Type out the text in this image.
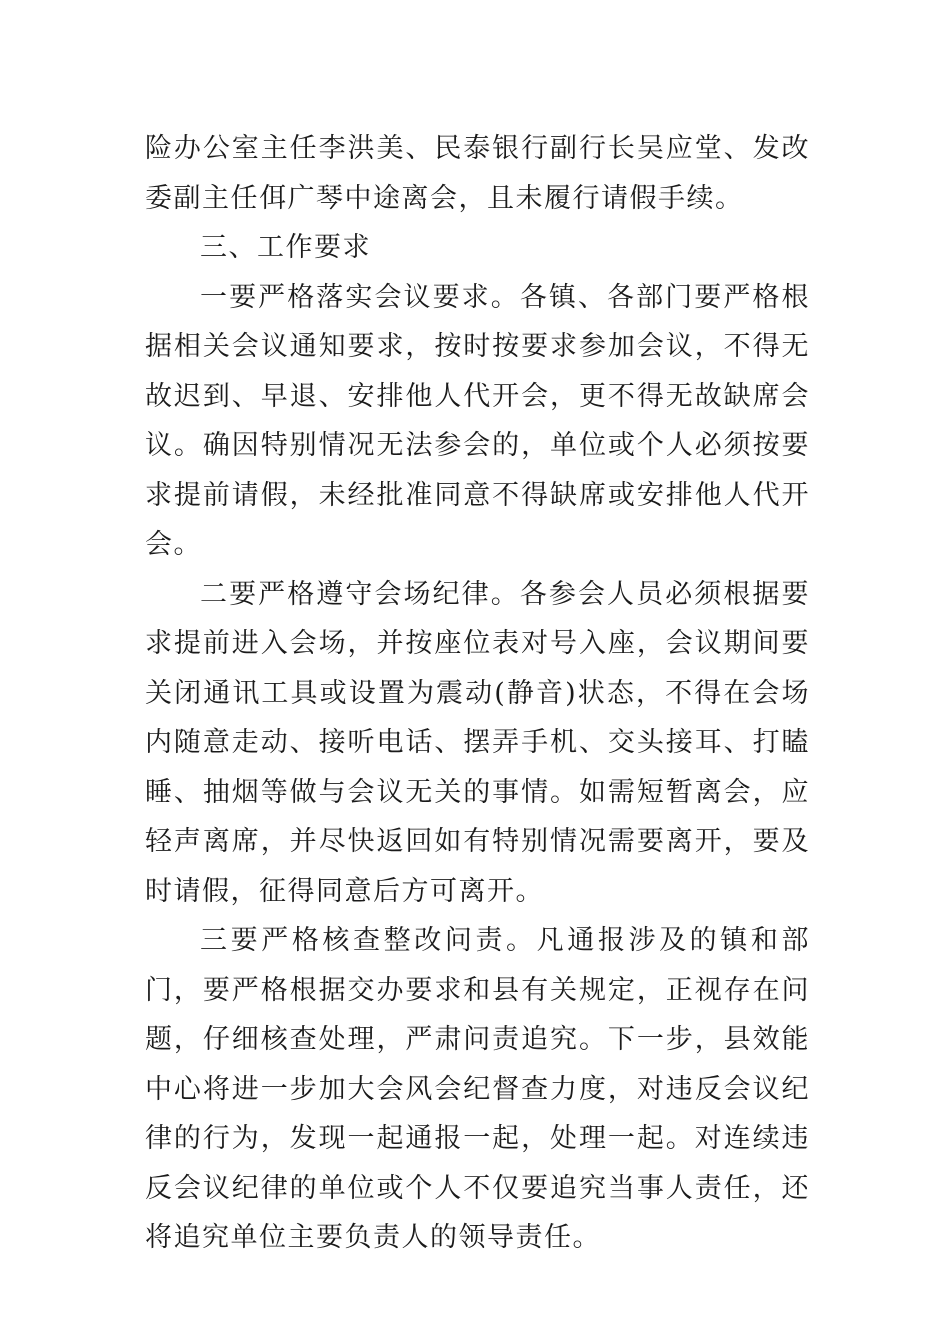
险办公室主任李洪美、民泰银行副行长吴应堂、发改委副主任佴广琴中途离会，且未履行请假手续。

三、工作要求

一要严格落实会议要求。各镇、各部门要严格根据相关会议通知要求，按时按要求参加会议，不得无故迟到、早退、安排他人代开会，更不得无故缺席会议。确因特别情况无法参会的，单位或个人必须按要求提前请假，未经批准同意不得缺席或安排他人代开会。

二要严格遵守会场纪律。各参会人员必须根据要求提前进入会场，并按座位表对号入座，会议期间要关闭通讯工具或设置为震动(静音)状态，不得在会场内随意走动、接听电话、摆弄手机、交头接耳、打瞌睡、抽烟等做与会议无关的事情。如需短暂离会，应轻声离席，并尽快返回如有特别情况需要离开，要及时请假，征得同意后方可离开。

三要严格核查整改问责。凡通报涉及的镇和部门，要严格根据交办要求和县有关规定，正视存在问题，仔细核查处理，严肃问责追究。下一步，县效能中心将进一步加大会风会纪督查力度，对违反会议纪律的行为，发现一起通报一起，处理一起。对连续违反会议纪律的单位或个人不仅要追究当事人责任，还将追究单位主要负责人的领导责任。
